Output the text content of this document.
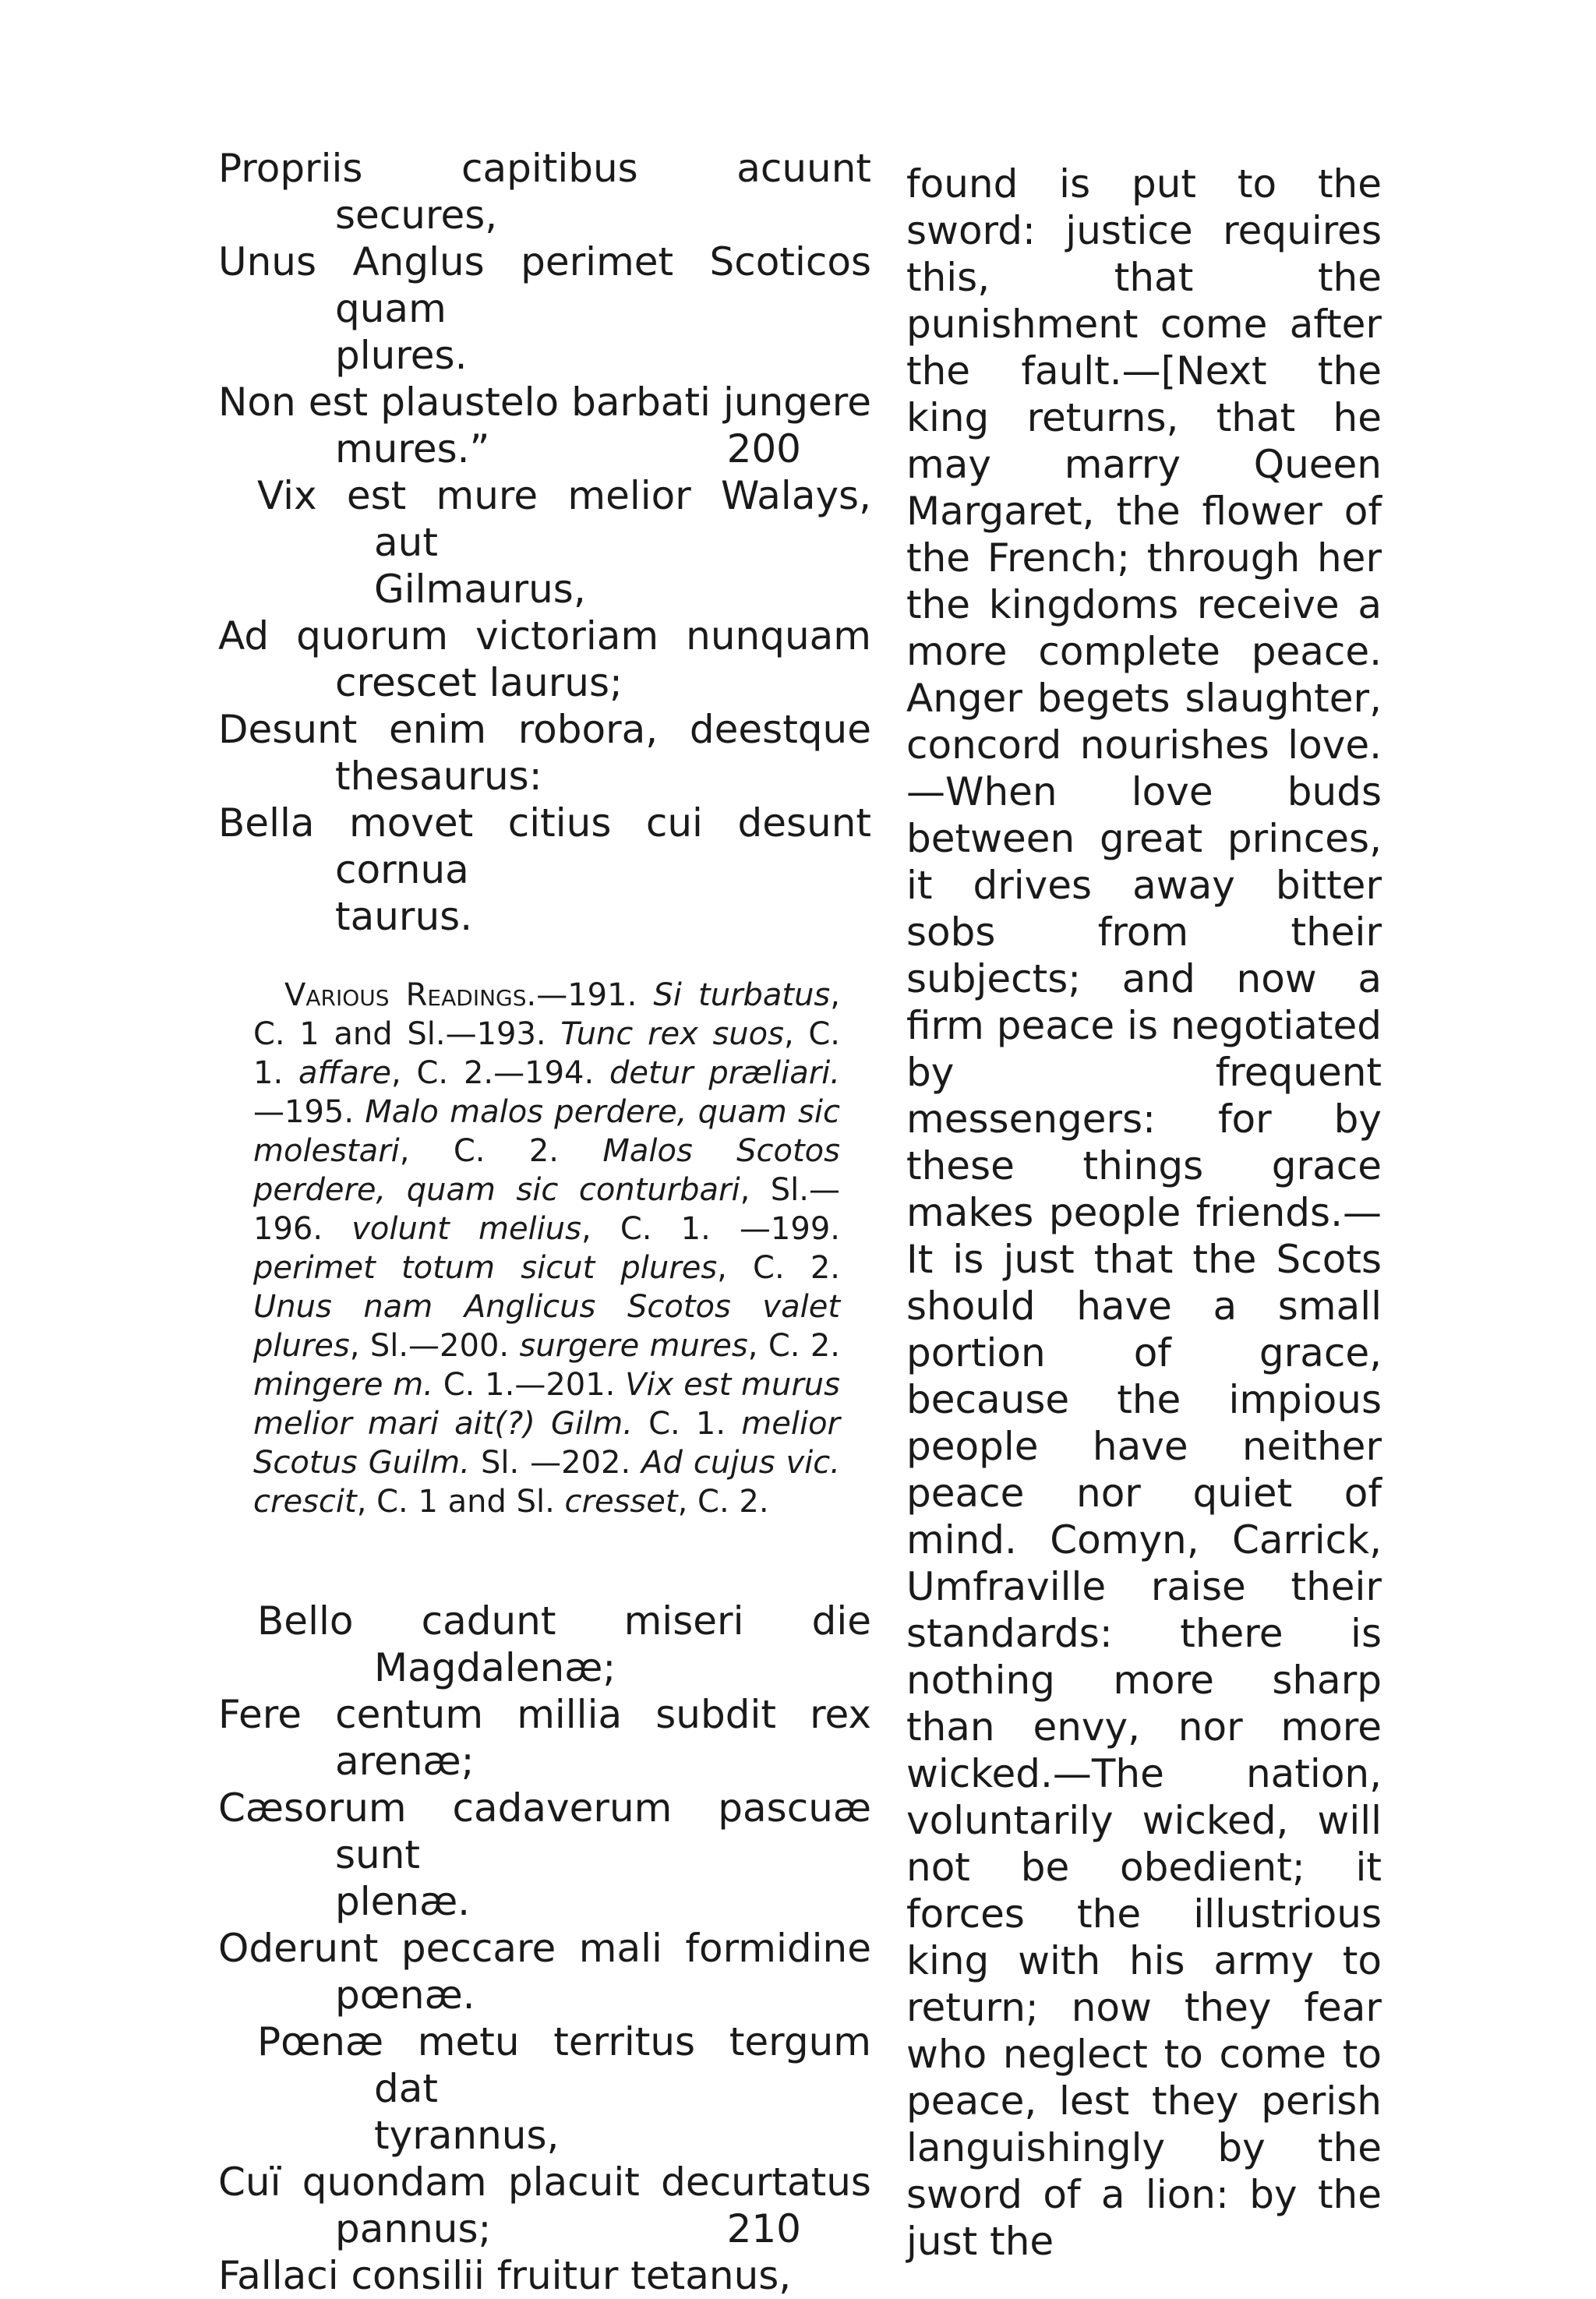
Propriis capitibus acuunt secures,
Unus Anglus perimet Scoticos quam
plures.
Non est plaustelo barbati jungere
mures.”	200
Vix est mure melior Walays, aut
Gilmaurus,
Ad quorum victoriam nunquam
crescet laurus;
Desunt enim robora, deestque
thesaurus:
Bella movet citius cui desunt cornua
taurus.
Various Readings.—191. Si turbatus, C. 1 and Sl.—193. Tunc rex suos, C. 1. affare, C. 2.—194. detur præliari.—195. Malo malos perdere, quam sic molestari, C. 2. Malos Scotos perdere, quam sic conturbari, Sl.—196. volunt melius, C. 1. —199. perimet totum sicut plures, C. 2. Unus nam Anglicus Scotos valet plures, Sl.—200. surgere mures, C. 2. mingere m. C. 1.—201. Vix est murus melior mari ait(?) Gilm. C. 1. melior Scotus Guilm. Sl. —202. Ad cujus vic. crescit, C. 1 and Sl. cresset, C. 2.
Bello cadunt miseri die Magdalenæ;
Fere centum millia subdit rex arenæ;
Cæsorum cadaverum pascuæ sunt
plenæ.
Oderunt peccare mali formidine
pœnæ.
Pœnæ metu territus tergum dat
tyrannus,
Cuï quondam placuit decurtatus
pannus;	210
Fallaci consilii fruitur tetanus,

found is put to the sword: justice requires this, that the punishment come after the fault.—[Next the king returns, that he may marry Queen Margaret, the flower of the French; through her the kingdoms receive a more complete peace. Anger begets slaughter, concord nourishes love.—When love buds between great princes, it drives away bitter sobs from their subjects; and now a firm peace is negotiated by frequent messengers: for by these things grace makes people friends.—It is just that the Scots should have a small portion of grace, because the impious people have neither peace nor quiet of mind. Comyn, Carrick, Umfraville raise their standards: there is nothing more sharp than envy, nor more wicked.—The nation, voluntarily wicked, will not be obedient; it forces the illustrious king with his army to return; now they fear who neglect to come to peace, lest they perish languishingly by the sword of a lion: by the just the
